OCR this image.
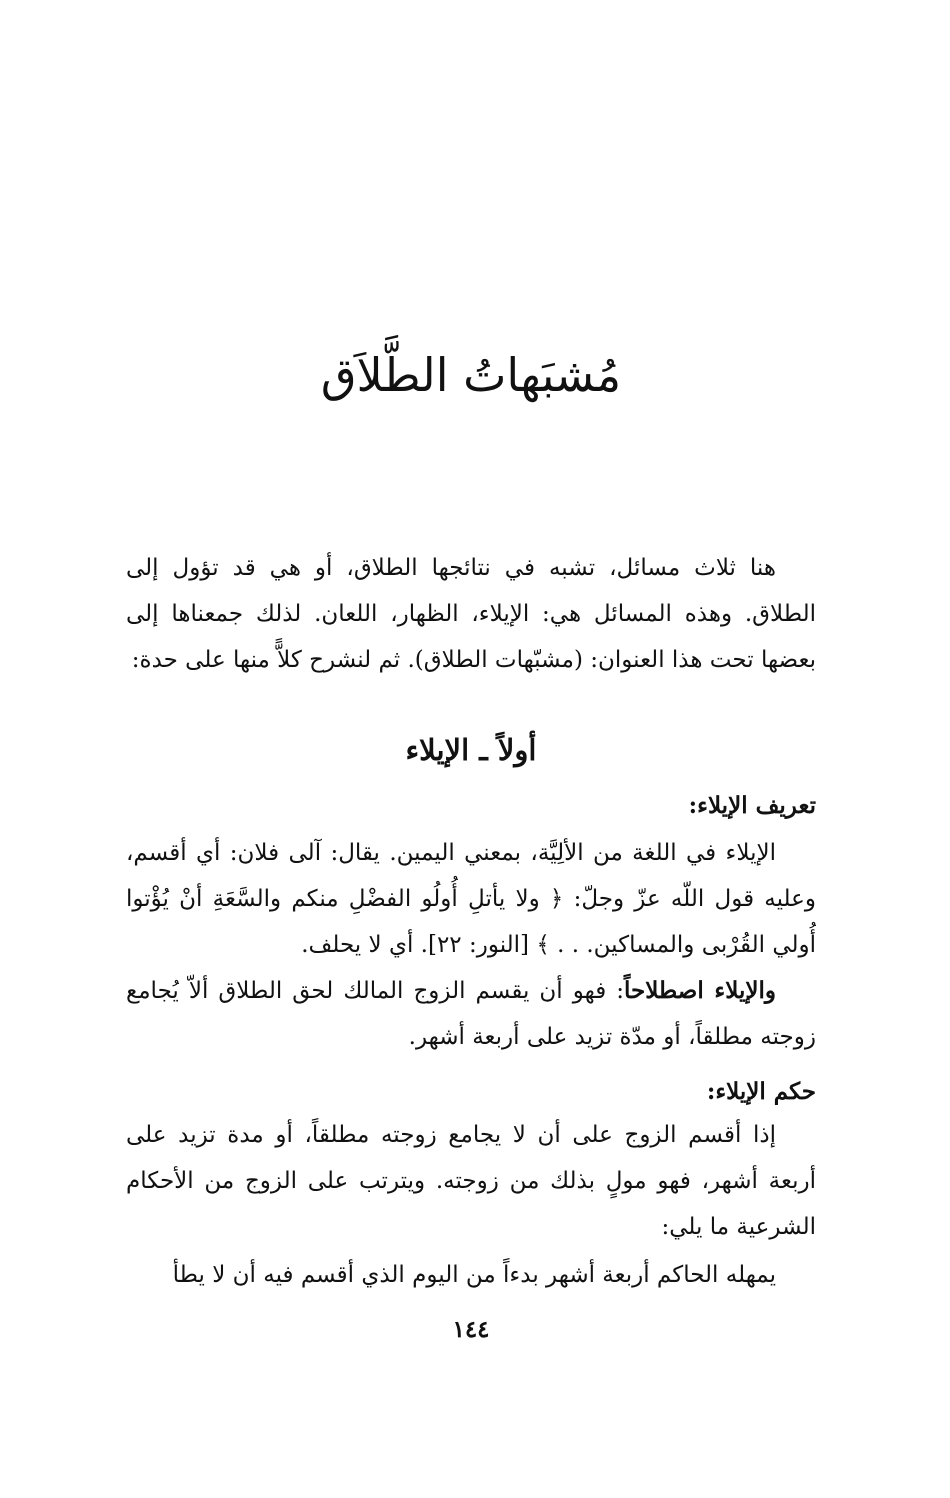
مُشبَهاتُ الطَّلاَق

هنا ثلاث مسائل، تشبه في نتائجها الطلاق، أو هي قد تؤول إلى الطلاق. وهذه المسائل هي: الإيلاء، الظهار، اللعان. لذلك جمعناها إلى بعضها تحت هذا العنوان: (مشبّهات الطلاق). ثم لنشرح كلاًّ منها على حدة:

أولاً ـ الإيلاء
تعريف الإيلاء:

الإيلاء في اللغة من الألِيَّة، بمعني اليمين. يقال: آلى فلان: أي أقسم، وعليه قول اللّه عزّ وجلّ: ﴿ ولا يأتلِ أُولُو الفضْلِ منكم والسَّعَةِ أنْ يُؤْتوا أُولي القُرْبى والمساكين. . . ﴾ [النور: ٢٢]. أي لا يحلف.

والإيلاء اصطلاحاً: فهو أن يقسم الزوج المالك لحق الطلاق ألاّ يُجامع زوجته مطلقاً، أو مدّة تزيد على أربعة أشهر.

حكم الإيلاء:

إذا أقسم الزوج على أن لا يجامع زوجته مطلقاً، أو مدة تزيد على أربعة أشهر، فهو مولٍ بذلك من زوجته. ويترتب على الزوج من الأحكام الشرعية ما يلي:

يمهله الحاكم أربعة أشهر بدءاً من اليوم الذي أقسم فيه أن لا يطأ

١٤٤
